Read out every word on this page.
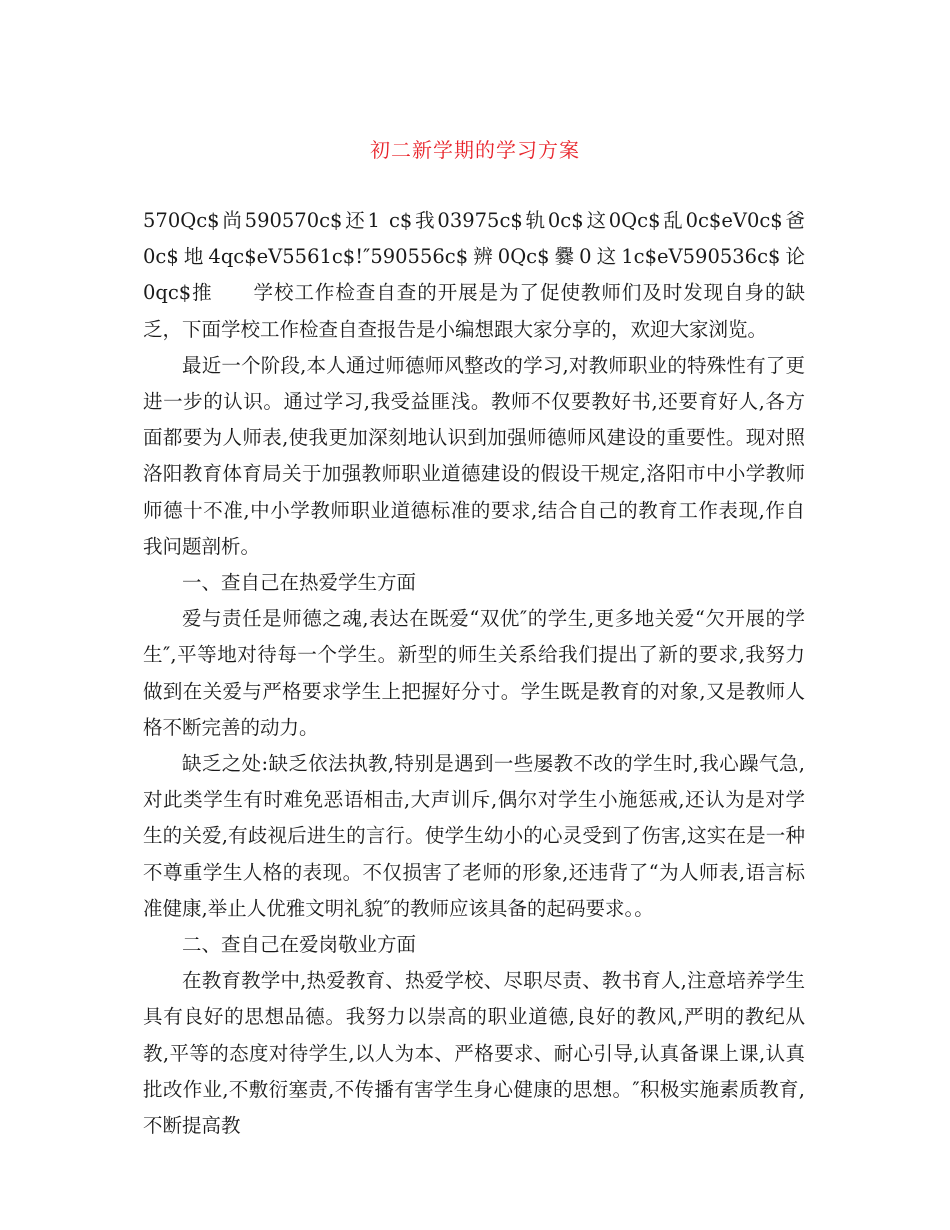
初二新学期的学习方案

570Qc$尚590570c$还1 c$我03975c$轨0c$这0Qc$乱0c$eV0c$爸0c$地4qc$eV5561c$!″590556c$辨0Qc$爨0这1c$eV590536c$论0qc$推　　学校工作检查自查的开展是为了促使教师们及时发现自身的缺乏，下面学校工作检查自查报告是小编想跟大家分享的，欢迎大家浏览。

最近一个阶段,本人通过师德师风整改的学习,对教师职业的特殊性有了更进一步的认识。通过学习,我受益匪浅。教师不仅要教好书,还要育好人,各方面都要为人师表,使我更加深刻地认识到加强师德师风建设的重要性。现对照洛阳教育体育局关于加强教师职业道德建设的假设干规定,洛阳市中小学教师师德十不准,中小学教师职业道德标准的要求,结合自己的教育工作表现,作自我问题剖析。

一、查自己在热爱学生方面

爱与责任是师德之魂,表达在既爱“双优″的学生,更多地关爱“欠开展的学生″,平等地对待每一个学生。新型的师生关系给我们提出了新的要求,我努力做到在关爱与严格要求学生上把握好分寸。学生既是教育的对象,又是教师人格不断完善的动力。

缺乏之处:缺乏依法执教,特别是遇到一些屡教不改的学生时,我心躁气急,对此类学生有时难免恶语相击,大声训斥,偶尔对学生小施惩戒,还认为是对学生的关爱,有歧视后进生的言行。使学生幼小的心灵受到了伤害,这实在是一种不尊重学生人格的表现。不仅损害了老师的形象,还违背了“为人师表,语言标准健康,举止人优雅文明礼貌″的教师应该具备的起码要求。。

二、查自己在爱岗敬业方面

在教育教学中,热爱教育、热爱学校、尽职尽责、教书育人,注意培养学生具有良好的思想品德。我努力以崇高的职业道德,良好的教风,严明的教纪从教,平等的态度对待学生,以人为本、严格要求、耐心引导,认真备课上课,认真批改作业,不敷衍塞责,不传播有害学生身心健康的思想。″积极实施素质教育,不断提高教
